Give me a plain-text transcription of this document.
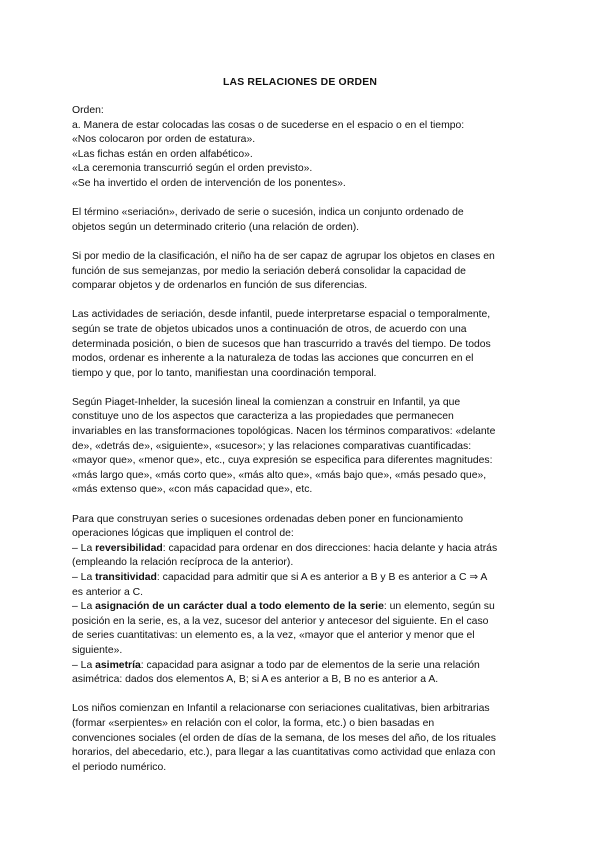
LAS RELACIONES DE ORDEN
Orden:
a. Manera de estar colocadas las cosas o de sucederse en el espacio o en el tiempo:
«Nos colocaron por orden de estatura».
«Las fichas están en orden alfabético».
«La ceremonia transcurrió según el orden previsto».
«Se ha invertido el orden de intervención de los ponentes».
El término «seriación», derivado de serie o sucesión, indica un conjunto ordenado de
objetos según un determinado criterio (una relación de orden).
Si por medio de la clasificación, el niño ha de ser capaz de agrupar los objetos en clases en
función de sus semejanzas, por medio la seriación deberá consolidar la capacidad de
comparar objetos y de ordenarlos en función de sus diferencias.
Las actividades de seriación, desde infantil, puede interpretarse espacial o temporalmente,
según se trate de objetos ubicados unos a continuación de otros, de acuerdo con una
determinada posición, o bien de sucesos que han trascurrido a través del tiempo. De todos
modos, ordenar es inherente a la naturaleza de todas las acciones que concurren en el
tiempo y que, por lo tanto, manifiestan una coordinación temporal.
Según Piaget-Inhelder, la sucesión lineal la comienzan a construir en Infantil, ya que
constituye uno de los aspectos que caracteriza a las propiedades que permanecen
invariables en las transformaciones topológicas. Nacen los términos comparativos: «delante
de», «detrás de», «siguiente», «sucesor»; y las relaciones comparativas cuantificadas:
«mayor que», «menor que», etc., cuya expresión se especifica para diferentes magnitudes:
«más largo que», «más corto que», «más alto que», «más bajo que», «más pesado que»,
«más extenso que», «con más capacidad que», etc.
Para que construyan series o sucesiones ordenadas deben poner en funcionamiento
operaciones lógicas que impliquen el control de:
– La reversibilidad: capacidad para ordenar en dos direcciones: hacia delante y hacia atrás
(empleando la relación recíproca de la anterior).
– La transitividad: capacidad para admitir que si A es anterior a B y B es anterior a C ⇒ A
es anterior a C.
– La asignación de un carácter dual a todo elemento de la serie: un elemento, según su
posición en la serie, es, a la vez, sucesor del anterior y antecesor del siguiente. En el caso
de series cuantitativas: un elemento es, a la vez, «mayor que el anterior y menor que el
siguiente».
– La asimetría: capacidad para asignar a todo par de elementos de la serie una relación
asimétrica: dados dos elementos A, B; si A es anterior a B, B no es anterior a A.
Los niños comienzan en Infantil a relacionarse con seriaciones cualitativas, bien arbitrarias
(formar «serpientes» en relación con el color, la forma, etc.) o bien basadas en
convenciones sociales (el orden de días de la semana, de los meses del año, de los rituales
horarios, del abecedario, etc.), para llegar a las cuantitativas como actividad que enlaza con
el periodo numérico.
